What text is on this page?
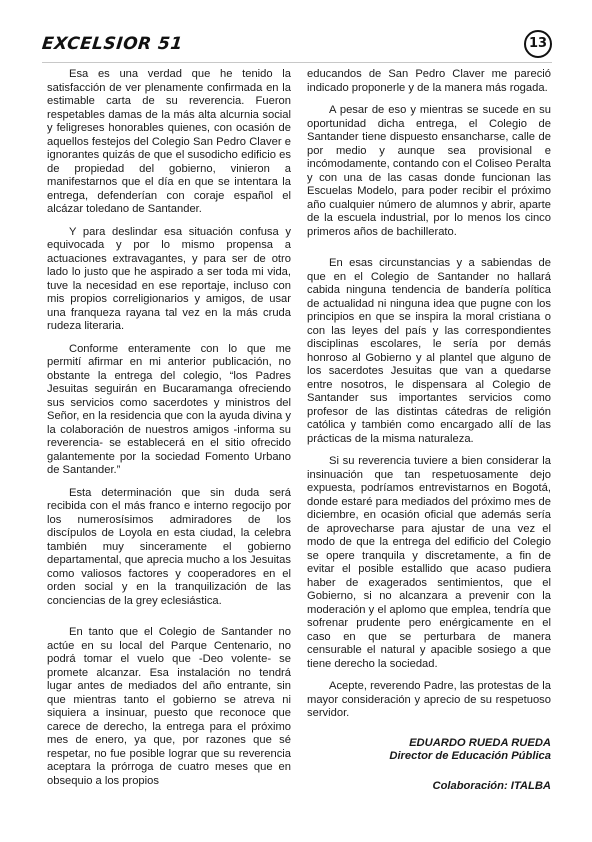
EXCELSIOR 51	13

Esa es una verdad que he tenido la satisfacción de ver plenamente confirmada en la estimable carta de su reverencia. Fueron respetables damas de la más alta alcurnia social y feligreses honorables quienes, con ocasión de aquellos festejos del Colegio San Pedro Claver e ignorantes quizás de que el susodicho edificio es de propiedad del gobierno, vinieron a manifestarnos que el día en que se intentara la entrega, defenderían con coraje español el alcázar toledano de Santander.

Y para deslindar esa situación confusa y equivocada y por lo mismo propensa a actuaciones extravagantes, y para ser de otro lado lo justo que he aspirado a ser toda mi vida, tuve la necesidad en ese reportaje, incluso con mis propios correligionarios y amigos, de usar una franqueza rayana tal vez en la más cruda rudeza literaria.

Conforme enteramente con lo que me permití afirmar en mi anterior publicación, no obstante la entrega del colegio, “los Padres Jesuitas seguirán en Bucaramanga ofreciendo sus servicios como sacerdotes y ministros del Señor, en la residencia que con la ayuda divina y la colaboración de nuestros amigos -informa su reverencia- se establecerá en el sitio ofrecido galantemente por la sociedad Fomento Urbano de Santander.”

Esta determinación que sin duda será recibida con el más franco e interno regocijo por los numerosísimos admiradores de los discípulos de Loyola en esta ciudad, la celebra también muy sinceramente el gobierno departamental, que aprecia mucho a los Jesuitas como valiosos factores y cooperadores en el orden social y en la tranquilización de las conciencias de la grey eclesiástica.

En tanto que el Colegio de Santander no actúe en su local del Parque Centenario, no podrá tomar el vuelo que -Deo volente- se promete alcanzar. Esa instalación no tendrá lugar antes de mediados del año entrante, sin que mientras tanto el gobierno se atreva ni siquiera a insinuar, puesto que reconoce que carece de derecho, la entrega para el próximo mes de enero, ya que, por razones que sé respetar, no fue posible lograr que su reverencia aceptara la prórroga de cuatro meses que en obsequio a los propios

educandos de San Pedro Claver me pareció indicado proponerle y de la manera más rogada.

A pesar de eso y mientras se sucede en su oportunidad dicha entrega, el Colegio de Santander tiene dispuesto ensancharse, calle de por medio y aunque sea provisional e incómodamente, contando con el Coliseo Peralta y con una de las casas donde funcionan las Escuelas Modelo, para poder recibir el próximo año cualquier número de alumnos y abrir, aparte de la escuela industrial, por lo menos los cinco primeros años de bachillerato.

En esas circunstancias y a sabiendas de que en el Colegio de Santander no hallará cabida ninguna tendencia de bandería política de actualidad ni ninguna idea que pugne con los principios en que se inspira la moral cristiana o con las leyes del país y las correspondientes disciplinas escolares, le sería por demás honroso al Gobierno y al plantel que alguno de los sacerdotes Jesuitas que van a quedarse entre nosotros, le dispensara al Colegio de Santander sus importantes servicios como profesor de las distintas cátedras de religión católica y también como encargado allí de las prácticas de la misma naturaleza.

Si su reverencia tuviere a bien considerar la insinuación que tan respetuosamente dejo expuesta, podríamos entrevistarnos en Bogotá, donde estaré para mediados del próximo mes de diciembre, en ocasión oficial que además sería de aprovecharse para ajustar de una vez el modo de que la entrega del edificio del Colegio se opere tranquila y discretamente, a fin de evitar el posible estallido que acaso pudiera haber de exagerados sentimientos, que el Gobierno, si no alcanzara a prevenir con la moderación y el aplomo que emplea, tendría que sofrenar prudente pero enérgicamente en el caso en que se perturbara de manera censurable el natural y apacible sosiego a que tiene derecho la sociedad.

Acepte, reverendo Padre, las protestas de la mayor consideración y aprecio de su respetuoso servidor.

EDUARDO RUEDA RUEDA
Director de Educación Pública
Colaboración: ITALBA
